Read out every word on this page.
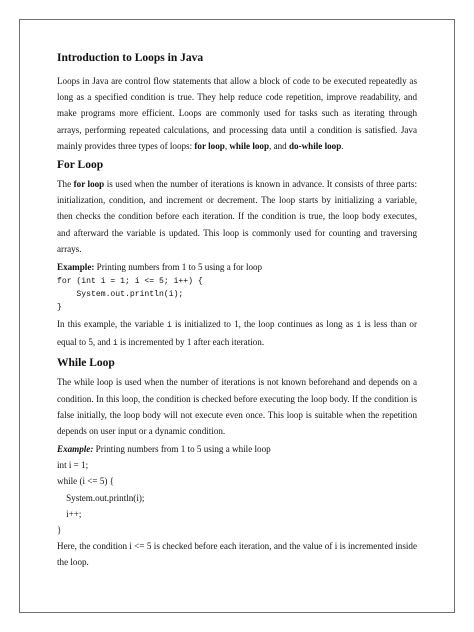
Introduction to Loops in Java

Loops in Java are control flow statements that allow a block of code to be executed repeatedly as long as a specified condition is true. They help reduce code repetition, improve readability, and make programs more efficient. Loops are commonly used for tasks such as iterating through arrays, performing repeated calculations, and processing data until a condition is satisfied. Java mainly provides three types of loops: for loop, while loop, and do-while loop.

For Loop

The for loop is used when the number of iterations is known in advance. It consists of three parts: initialization, condition, and increment or decrement. The loop starts by initializing a variable, then checks the condition before each iteration. If the condition is true, the loop body executes, and afterward the variable is updated. This loop is commonly used for counting and traversing arrays.

Example: Printing numbers from 1 to 5 using a for loop
for (int i = 1; i <= 5; i++) {
System.out.println(i);
}

In this example, the variable i is initialized to 1, the loop continues as long as i is less than or equal to 5, and i is incremented by 1 after each iteration.

While Loop

The while loop is used when the number of iterations is not known beforehand and depends on a condition. In this loop, the condition is checked before executing the loop body. If the condition is false initially, the loop body will not execute even once. This loop is suitable when the repetition depends on user input or a dynamic condition.

Example: Printing numbers from 1 to 5 using a while loop
int i = 1;
while (i <= 5) {
System.out.println(i);
i++;
}

Here, the condition i <= 5 is checked before each iteration, and the value of i is incremented inside the loop.
